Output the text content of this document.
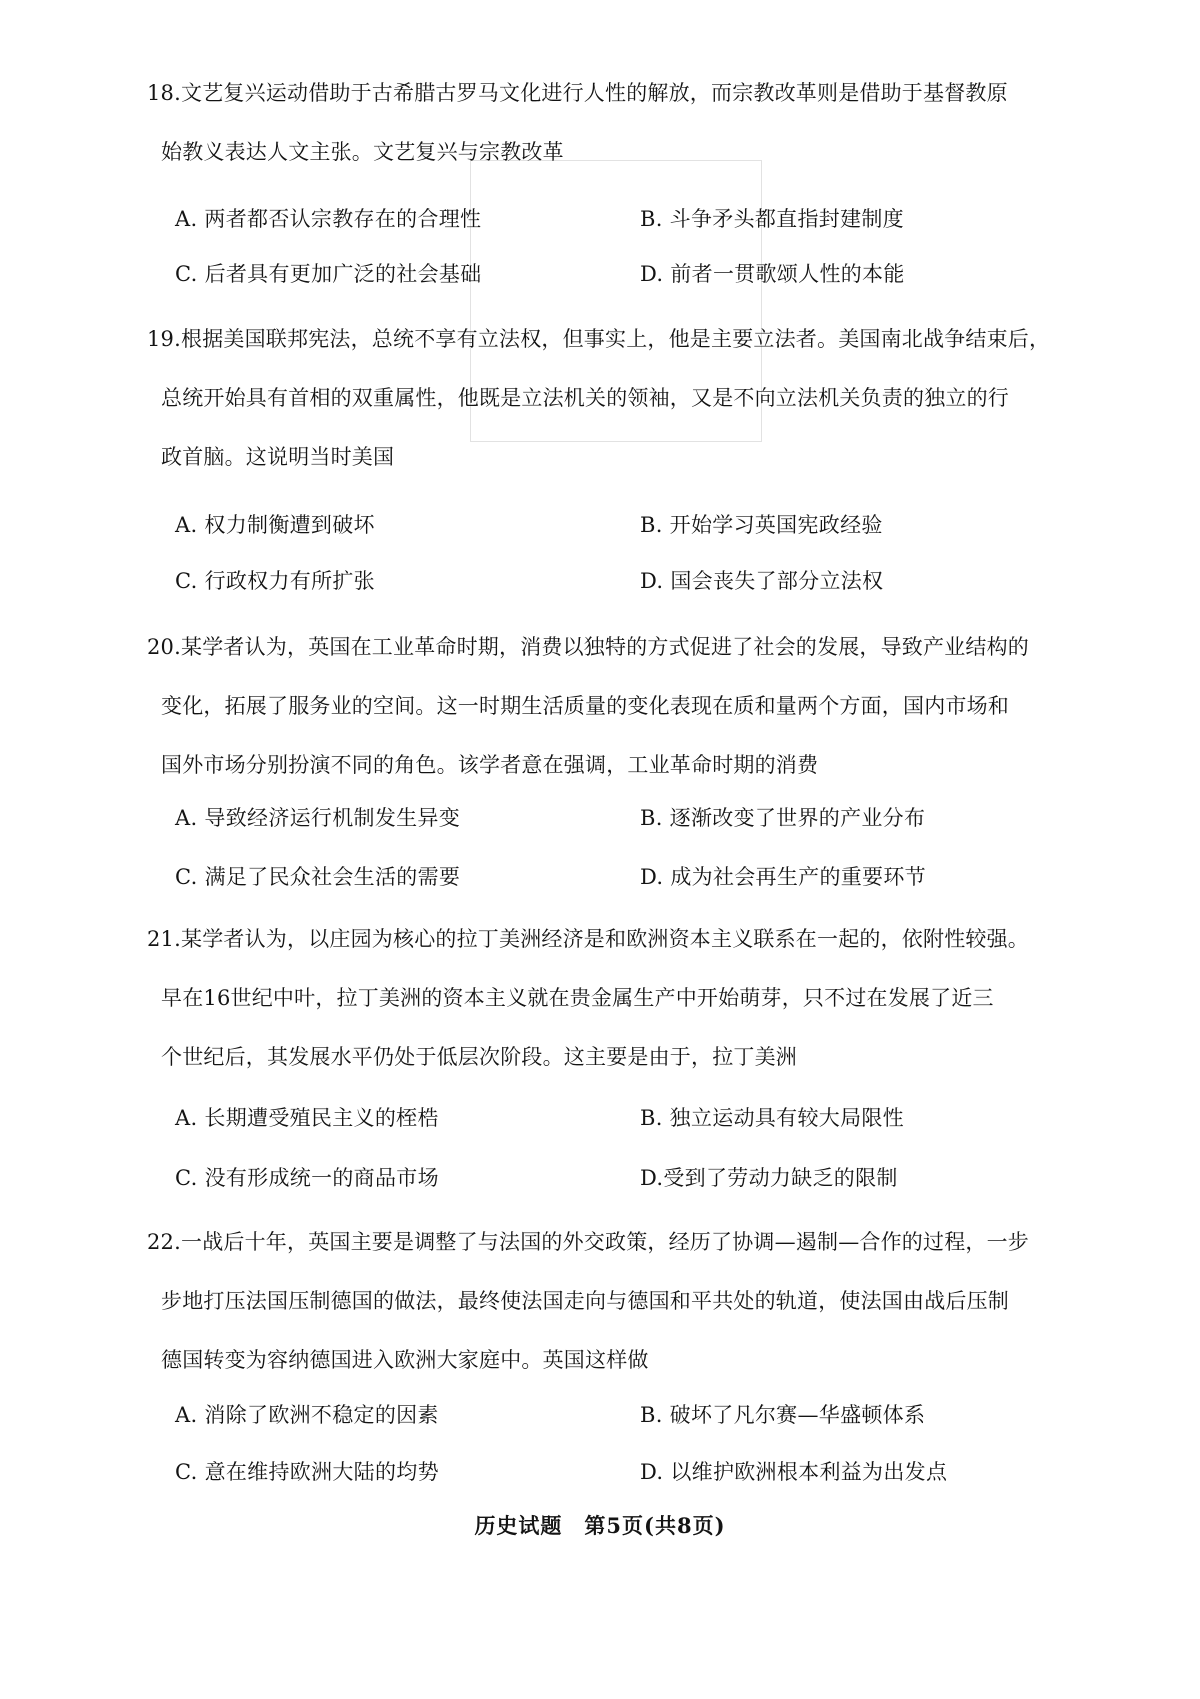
18.文艺复兴运动借助于古希腊古罗马文化进行人性的解放，而宗教改革则是借助于基督教原
始教义表达人文主张。文艺复兴与宗教改革
A. 两者都否认宗教存在的合理性	B. 斗争矛头都直指封建制度
C. 后者具有更加广泛的社会基础	D. 前者一贯歌颂人性的本能
19.根据美国联邦宪法，总统不享有立法权，但事实上，他是主要立法者。美国南北战争结束后，
总统开始具有首相的双重属性，他既是立法机关的领袖，又是不向立法机关负责的独立的行
政首脑。这说明当时美国
A. 权力制衡遭到破坏	B. 开始学习英国宪政经验
C. 行政权力有所扩张	D. 国会丧失了部分立法权
20.某学者认为，英国在工业革命时期，消费以独特的方式促进了社会的发展，导致产业结构的
变化，拓展了服务业的空间。这一时期生活质量的变化表现在质和量两个方面，国内市场和
国外市场分别扮演不同的角色。该学者意在强调，工业革命时期的消费
A. 导致经济运行机制发生异变	B. 逐渐改变了世界的产业分布
C. 满足了民众社会生活的需要	D. 成为社会再生产的重要环节
21.某学者认为，以庄园为核心的拉丁美洲经济是和欧洲资本主义联系在一起的，依附性较强。
早在16世纪中叶，拉丁美洲的资本主义就在贵金属生产中开始萌芽，只不过在发展了近三
个世纪后，其发展水平仍处于低层次阶段。这主要是由于，拉丁美洲
A. 长期遭受殖民主义的桎梏	B. 独立运动具有较大局限性
C. 没有形成统一的商品市场	D.受到了劳动力缺乏的限制
22.一战后十年，英国主要是调整了与法国的外交政策，经历了协调—遏制—合作的过程，一步
步地打压法国压制德国的做法，最终使法国走向与德国和平共处的轨道，使法国由战后压制
德国转变为容纳德国进入欧洲大家庭中。英国这样做
A. 消除了欧洲不稳定的因素	B. 破坏了凡尔赛—华盛顿体系
C. 意在维持欧洲大陆的均势	D. 以维护欧洲根本利益为出发点
历史试题　第5页(共8页)
